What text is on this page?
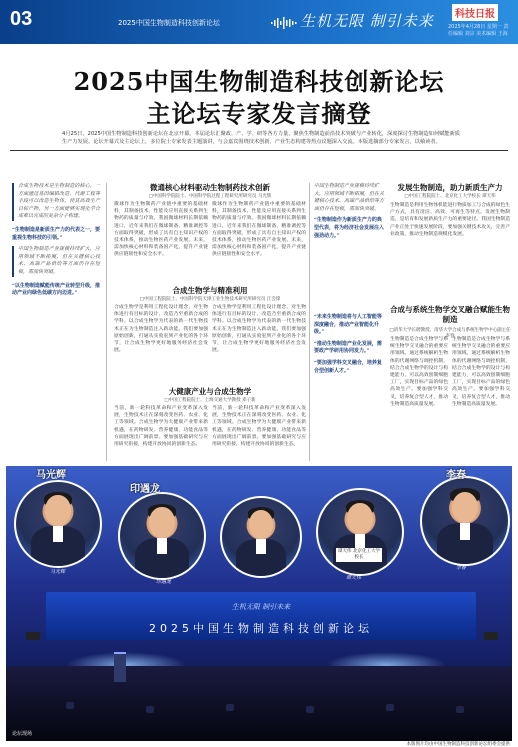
03	2025中国生物制造科技创新论坛	生机无限 制引未来	科技日报
2025年4月28日 星期一 责任编辑 刘宗 美术编辑 王海
2025中国生物制造科技创新论坛
主论坛专家发言摘登
4月25日，2025中国生物制造科技创新论坛在北京开幕。本届论坛汇聚政、产、学、研等各方力量，聚焦生物制造前沿技术突破与产业转化，深度探讨生物制造如何赋能新质生产力发展。论坛开幕式及主论坛上，多位院士专家发表主题演讲，与会嘉宾围绕技术创新、产业生态构建等热点议题深入交流。本版选摘部分专家发言，以飨读者。
合成生物技术是生物制造的核心，一方面通过基因编辑改造、代谢工程等手段可以改造生物体，使其高效生产目标产物，另一方面能够实现化学合成难以完成的复杂分子构建。
“生物制造是新质生产力的代表之一，要重视生物科技的引领。”
中国生物制造产业规模持续扩大，应用领域不断拓展，但在关键核心技术、高端产品供给等方面仍存在短板，需加快突破。
“以生物制造赋能传统产业转型升级，推动产业向绿色低碳方向迈进。”
微通核心材料驱动生物制药技术创新
□中国科学院院士、中国科学院过程工程研究所研究员 马光辉
微球作为生物制药产业链中重要的基础材料，其制备技术、性能及应用直接关系到生物药的质量与疗效。我国微球材料长期依赖进口，近年来我们在微球制备、精准调控等方面取得突破，形成了具有自主知识产权的技术体系，推动生物医药产业发展。未来，需加快核心材料和装备国产化，提升产业链供应链韧性和安全水平。
微球作为生物制药产业链中重要的基础材料，其制备技术、性能及应用直接关系到生物药的质量与疗效。我国微球材料长期依赖进口，近年来我们在微球制备、精准调控等方面取得突破，形成了具有自主知识产权的技术体系，推动生物医药产业发展。未来，需加快核心材料和装备国产化，提升产业链供应链韧性和安全水平。
合成生物学与精准利用
□中国工程院院士、中国科学院天津工业生物技术研究所研究员 江会锋
合成生物学是利用工程化设计理念，对生物体进行有目标的设计、改造乃至重新合成的学科。以合成生物学为代表的新一代生物技术正在为生物制造注入新动能。我们要加强原始创新，打通从实验室到产业化的各个环节，让合成生物学更好地服务经济社会发展。
合成生物学是利用工程化设计理念，对生物体进行有目标的设计、改造乃至重新合成的学科。以合成生物学为代表的新一代生物技术正在为生物制造注入新动能。我们要加强原始创新，打通从实验室到产业化的各个环节，让合成生物学更好地服务经济社会发展。
大健康产业与合成生物学
□中国工程院院士、上海交通大学教授 邓子新
当前，新一轮科技革命和产业变革深入发展，生物技术正在深刻改变医药、农业、化工等领域。合成生物学为大健康产业带来新机遇，在药物研发、营养健康、功能食品等方面展现出广阔前景。要加强基础研究与应用研究衔接，构建开放协同的创新生态。
当前，新一轮科技革命和产业变革深入发展，生物技术正在深刻改变医药、农业、化工等领域。合成生物学为大健康产业带来新机遇，在药物研发、营养健康、功能食品等方面展现出广阔前景。要加强基础研究与应用研究衔接，构建开放协同的创新生态。
中国生物制造产业规模持续扩大，应用领域不断拓展，但在关键核心技术、高端产品供给等方面仍存在短板，需加快突破。
“生物制造作为新质生产力的典型代表，将为经济社会发展注入强劲动力。”
发展生物制造，助力新质生产力
□中国工程院院士、北京化工大学校长 谭天伟
生物制造是利用生物体机能进行物质加工与合成的绿色生产方式，具有清洁、高效、可再生等特点。发展生物制造，是培育和发展新质生产力的重要途径。我国生物制造产业正处于快速发展阶段，要加强关键技术攻关，完善产业政策，推动生物制造规模化发展。
合成与系统生物学交叉融合赋能生物制造
□清华大学长聘教授、清华大学合成与系统生物学中心副主任 李春
生物制造是合成生物学与系统生物学交叉融合的重要应用领域。通过系统解析生物体的代谢网络与调控机制，结合合成生物学的设计与构建能力，可以高效创制细胞工厂，实现目标产品的绿色高效生产。要加强学科交叉，培养复合型人才，推动生物制造高质量发展。
生物制造是合成生物学与系统生物学交叉融合的重要应用领域。通过系统解析生物体的代谢网络与调控机制，结合合成生物学的设计与构建能力，可以高效创制细胞工厂，实现目标产品的绿色高效生产。要加强学科交叉，培养复合型人才，推动生物制造高质量发展。
“未来生物制造将与人工智能等深度融合，推动产业智能化升级。”
“推动生物制造产业化发展，需要政产学研用协同发力。”
“要加强学科交叉融合，培养复合型创新人才。”
生机无限 制引未来
2025中国生物制造科技创新论坛
马光辉
马光辉
印遇龙
印遇龙
谭天伟 北京化工大学校长
谭天伟
李春
李春
论坛现场
本版图片均由中国生物制造科技创新论坛组委会提供
